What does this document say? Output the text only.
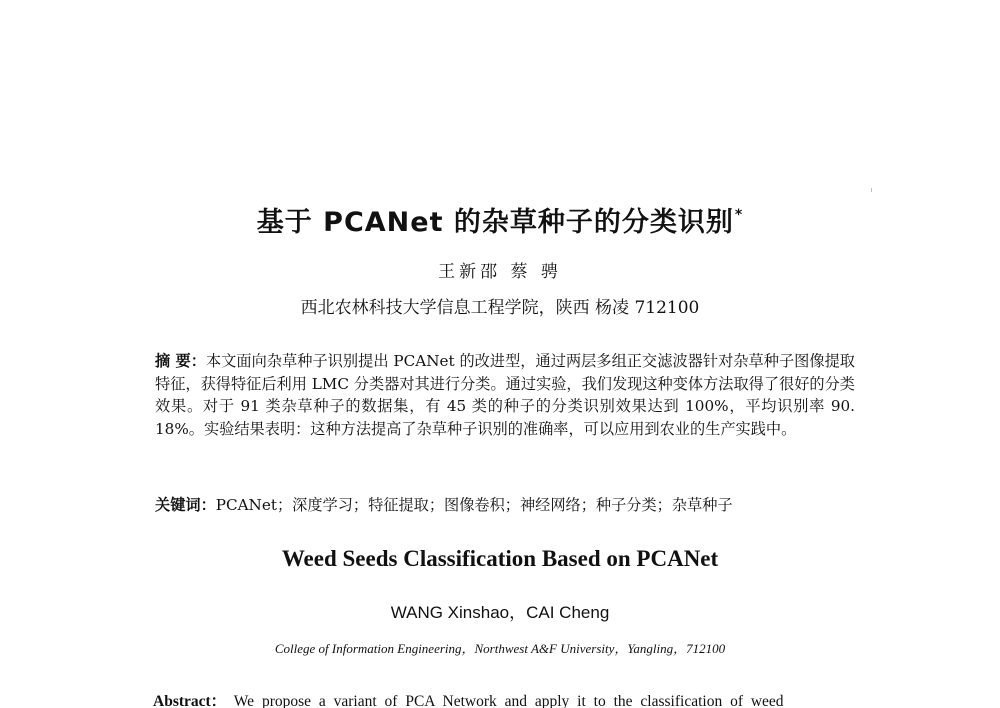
基于 PCANet 的杂草种子的分类识别*
王新邵 蔡 骋
西北农林科技大学信息工程学院，陕西 杨凌 712100
摘 要：本文面向杂草种子识别提出 PCANet 的改进型，通过两层多组正交滤波器针对杂草种子图像提取特征，获得特征后利用 LMC 分类器对其进行分类。通过实验，我们发现这种变体方法取得了很好的分类效果。对于 91 类杂草种子的数据集，有 45 类的种子的分类识别效果达到 100%，平均识别率 90. 18%。实验结果表明：这种方法提高了杂草种子识别的准确率，可以应用到农业的生产实践中。
关键词：PCANet；深度学习；特征提取；图像卷积；神经网络；种子分类；杂草种子
Weed Seeds Classification Based on PCANet
WANG Xinshao，CAI Cheng
College of Information Engineering，Northwest A&F University，Yangling，712100
Abstract： We propose a variant of PCA Network and apply it to the classification of weed
